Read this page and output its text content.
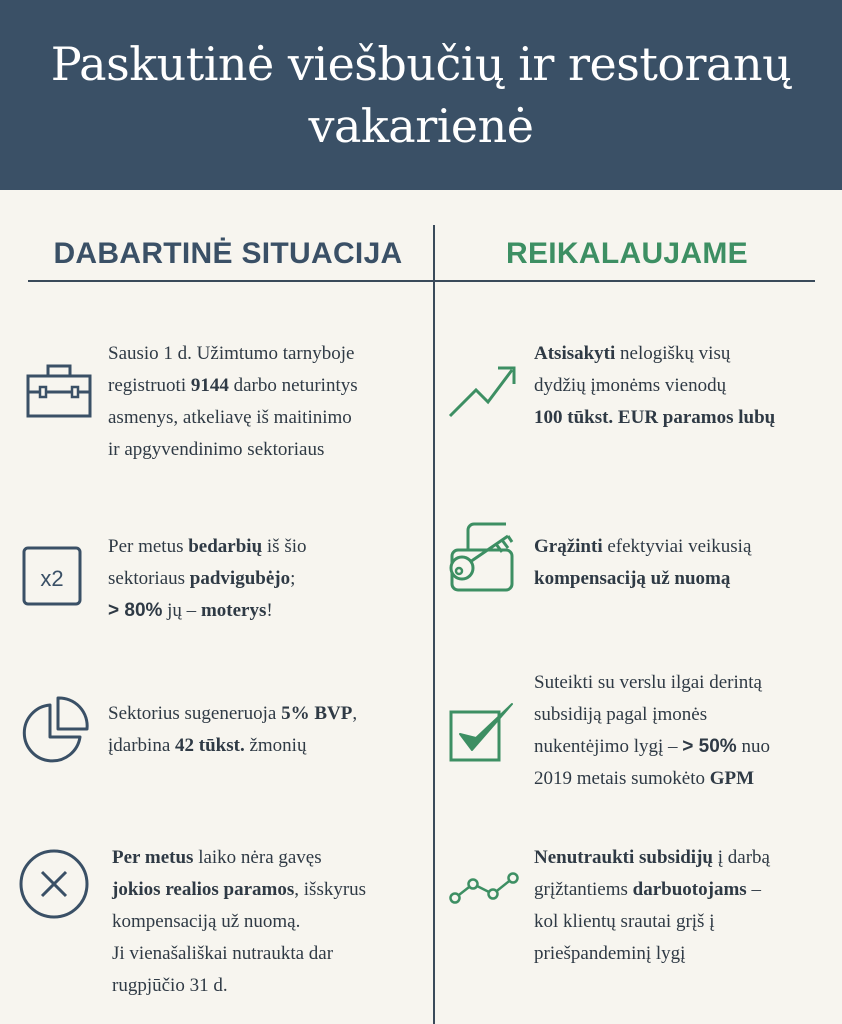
Paskutinė viešbučių ir restoranų vakarienė
DABARTINĖ SITUACIJA	REIKALAUJAME
Sausio 1 d. Užimtumo tarnyboje
registruoti 9144 darbo neturintys
asmenys, atkeliavę iš maitinimo
ir apgyvendinimo sektoriaus
x2
Per metus bedarbių iš šio
sektoriaus padvigubėjo;
> 80% jų – moterys!
Sektorius sugeneruoja 5% BVP,
įdarbina 42 tūkst. žmonių
Per metus laiko nėra gavęs
jokios realios paramos, išskyrus
kompensaciją už nuomą.
Ji vienašališkai nutraukta dar
rugpjūčio 31 d.
Atsisakyti nelogiškų visų
dydžių įmonėms vienodų
100 tūkst. EUR paramos lubų
Grąžinti efektyviai veikusią
kompensaciją už nuomą
Suteikti su verslu ilgai derintą
subsidiją pagal įmonės
nukentėjimo lygį – > 50% nuo
2019 metais sumokėto GPM
Nenutraukti subsidijų į darbą
grįžtantiems darbuotojams –
kol klientų srautai grįš į
priešpandeminį lygį
